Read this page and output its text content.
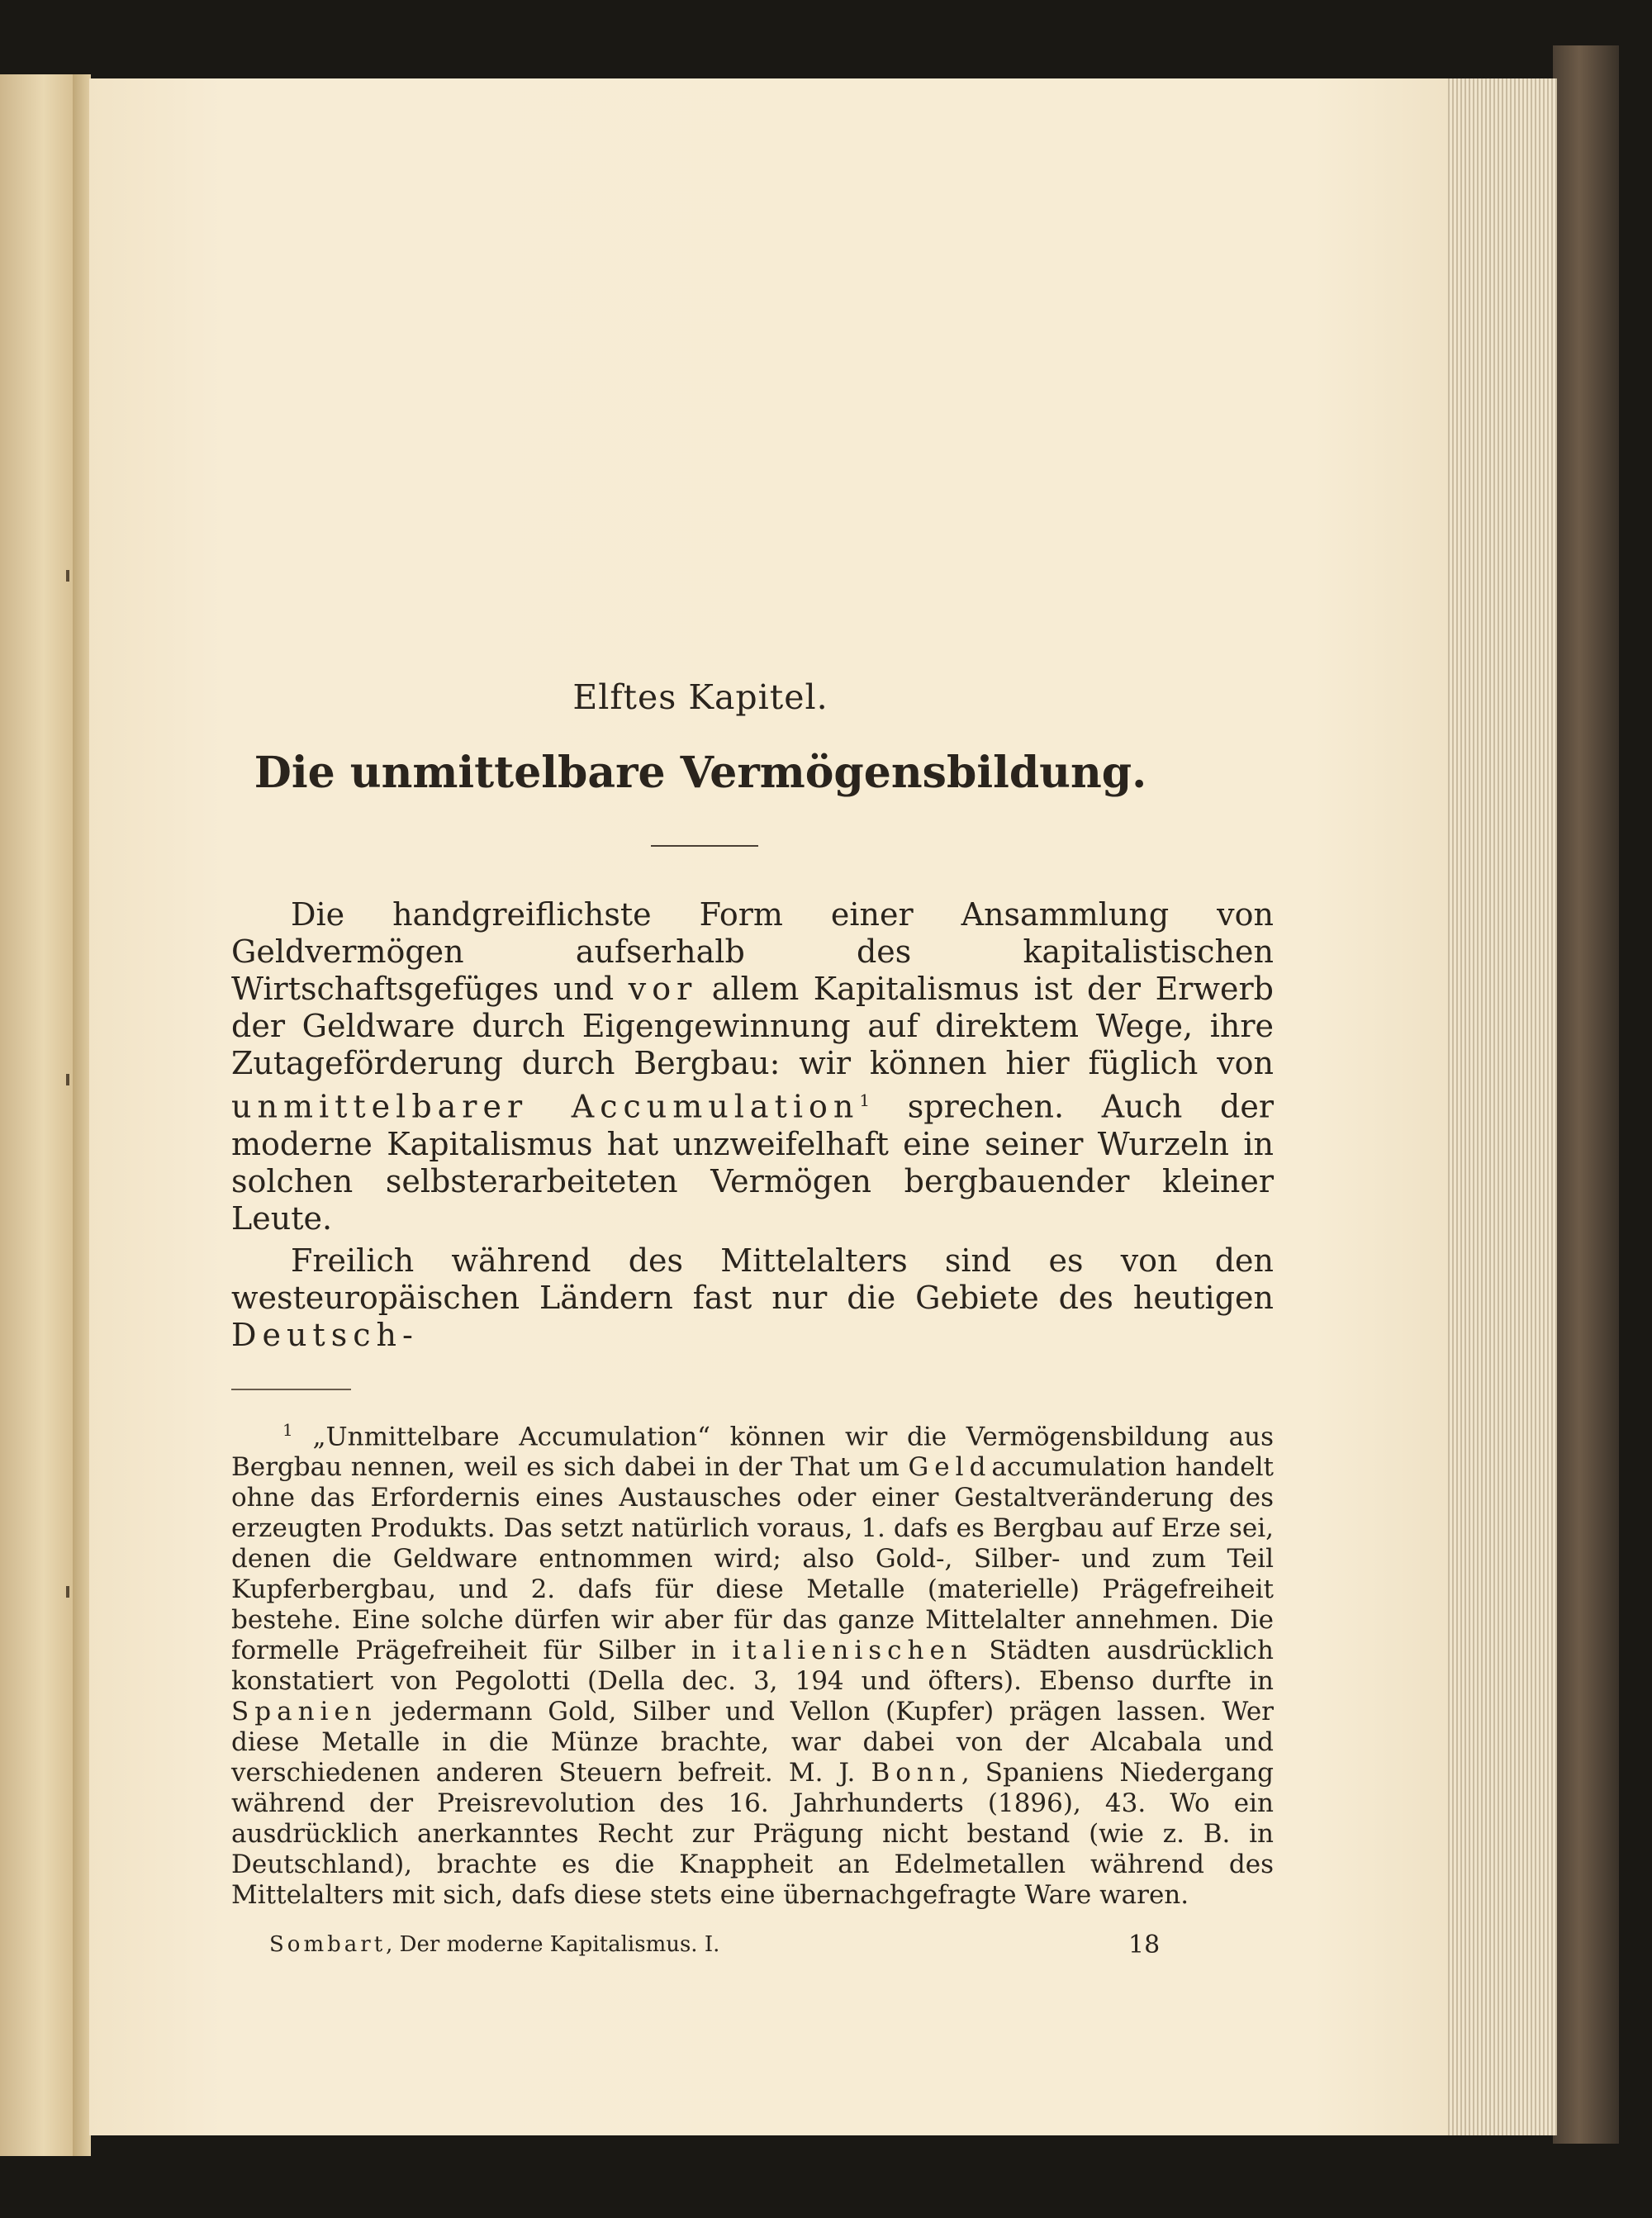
Elftes Kapitel.
Die unmittelbare Vermögensbildung.

Die handgreiflichste Form einer Ansammlung von Geldvermögen aufserhalb des kapitalistischen Wirtschaftsgefüges und vor allem Kapitalismus ist der Erwerb der Geldware durch Eigengewinnung auf direktem Wege, ihre Zutageförderung durch Bergbau: wir können hier füglich von unmittelbarer Accumulation$^1$ sprechen. Auch der moderne Kapitalismus hat unzweifelhaft eine seiner Wurzeln in solchen selbsterarbeiteten Vermögen bergbauender kleiner Leute.

Freilich während des Mittelalters sind es von den westeuropäischen Ländern fast nur die Gebiete des heutigen Deutsch-

$^1$ „Unmittelbare Accumulation“ können wir die Vermögensbildung aus Bergbau nennen, weil es sich dabei in der That um Geldaccumulation handelt ohne das Erfordernis eines Austausches oder einer Gestaltveränderung des erzeugten Produkts. Das setzt natürlich voraus, 1. dafs es Bergbau auf Erze sei, denen die Geldware entnommen wird; also Gold-, Silber- und zum Teil Kupferbergbau, und 2. dafs für diese Metalle (materielle) Prägefreiheit bestehe. Eine solche dürfen wir aber für das ganze Mittelalter annehmen. Die formelle Prägefreiheit für Silber in italienischen Städten ausdrücklich konstatiert von Pegolotti (Della dec. 3, 194 und öfters). Ebenso durfte in Spanien jedermann Gold, Silber und Vellon (Kupfer) prägen lassen. Wer diese Metalle in die Münze brachte, war dabei von der Alcabala und verschiedenen anderen Steuern befreit. M. J. Bonn, Spaniens Niedergang während der Preisrevolution des 16. Jahrhunderts (1896), 43. Wo ein ausdrücklich anerkanntes Recht zur Prägung nicht bestand (wie z. B. in Deutschland), brachte es die Knappheit an Edelmetallen während des Mittelalters mit sich, dafs diese stets eine übernachgefragte Ware waren.
Sombart, Der moderne Kapitalismus. I.	18
